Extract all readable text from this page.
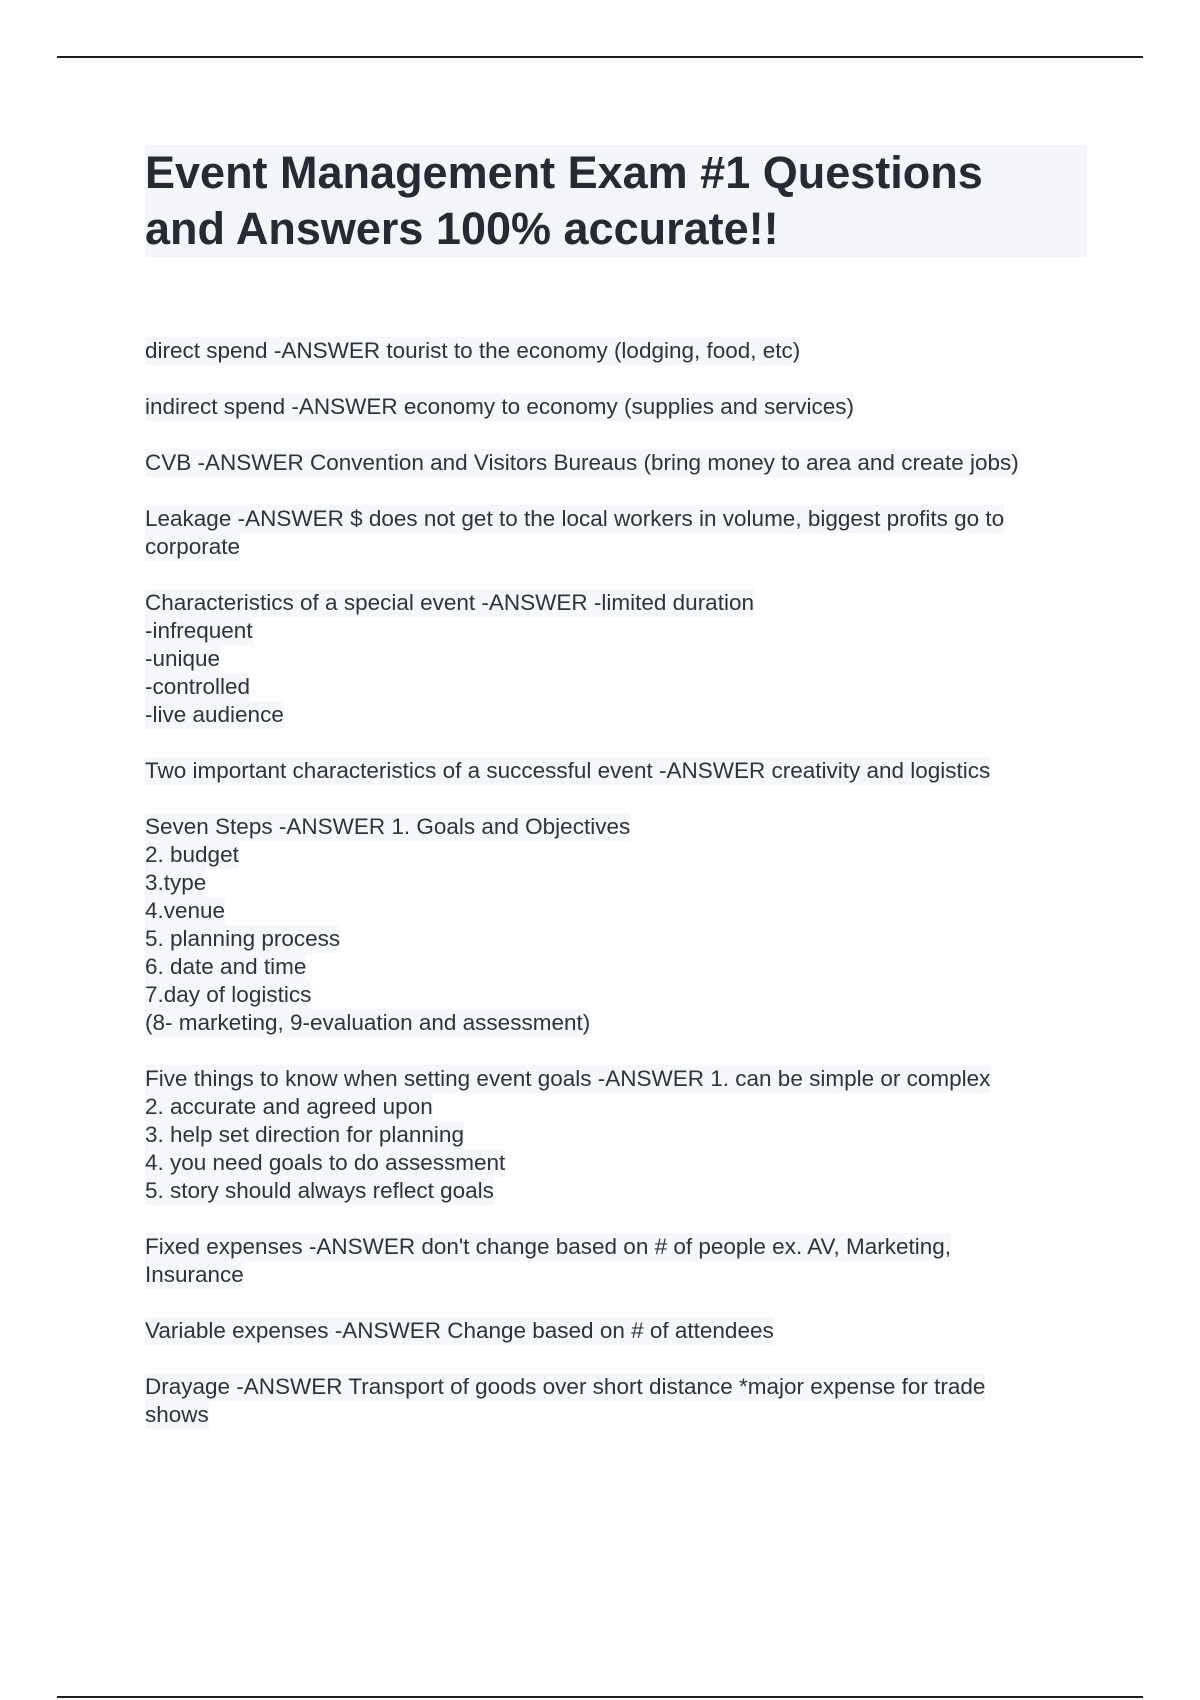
Event Management Exam #1 Questions
and Answers 100% accurate!!
direct spend -ANSWER tourist to the economy (lodging, food, etc)
indirect spend -ANSWER economy to economy (supplies and services)
CVB -ANSWER Convention and Visitors Bureaus (bring money to area and create jobs)
Leakage -ANSWER $ does not get to the local workers in volume, biggest profits go to
corporate
Characteristics of a special event -ANSWER -limited duration
-infrequent
-unique
-controlled
-live audience
Two important characteristics of a successful event -ANSWER creativity and logistics
Seven Steps -ANSWER 1. Goals and Objectives
2. budget
3.type
4.venue
5. planning process
6. date and time
7.day of logistics
(8- marketing, 9-evaluation and assessment)
Five things to know when setting event goals -ANSWER 1. can be simple or complex
2. accurate and agreed upon
3. help set direction for planning
4. you need goals to do assessment
5. story should always reflect goals
Fixed expenses -ANSWER don't change based on # of people ex. AV, Marketing,
Insurance
Variable expenses -ANSWER Change based on # of attendees
Drayage -ANSWER Transport of goods over short distance *major expense for trade
shows
